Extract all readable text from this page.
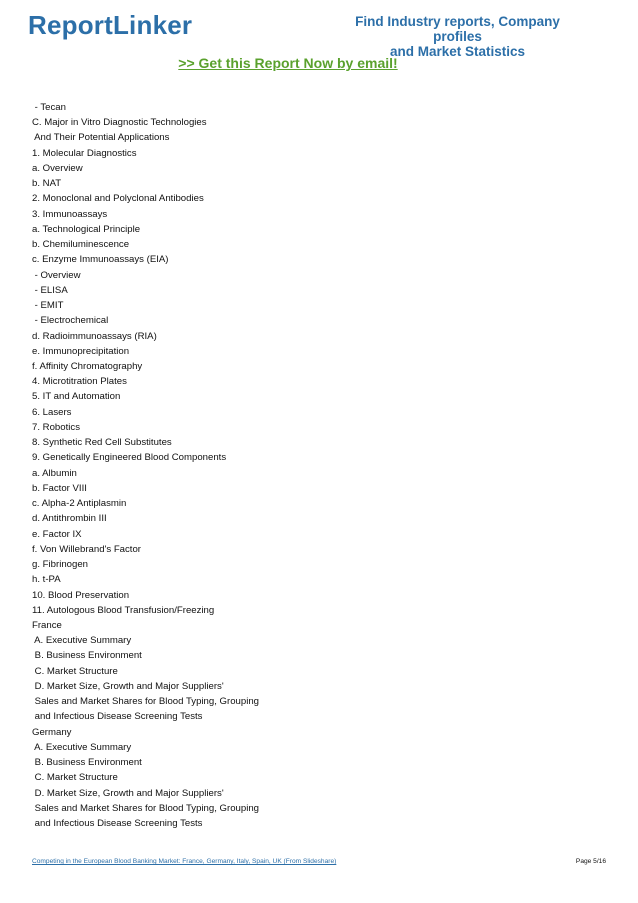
ReportLinker	Find Industry reports, Company profiles
and Market Statistics
>> Get this Report Now by email!
- Tecan
C. Major in Vitro Diagnostic Technologies
And Their Potential Applications
1. Molecular Diagnostics
a. Overview
b. NAT
2. Monoclonal and Polyclonal Antibodies
3. Immunoassays
a. Technological Principle
b. Chemiluminescence
c. Enzyme Immunoassays (EIA)
- Overview
- ELISA
- EMIT
- Electrochemical
d. Radioimmunoassays (RIA)
e. Immunoprecipitation
f. Affinity Chromatography
4. Microtitration Plates
5. IT and Automation
6. Lasers
7. Robotics
8. Synthetic Red Cell Substitutes
9. Genetically Engineered Blood Components
a. Albumin
b. Factor VIII
c. Alpha-2 Antiplasmin
d. Antithrombin III
e. Factor IX
f. Von Willebrand's Factor
g. Fibrinogen
h. t-PA
10. Blood Preservation
11. Autologous Blood Transfusion/Freezing
France
A. Executive Summary
B. Business Environment
C. Market Structure
D. Market Size, Growth and Major Suppliers'
Sales and Market Shares for Blood Typing, Grouping
and Infectious Disease Screening Tests
Germany
A. Executive Summary
B. Business Environment
C. Market Structure
D. Market Size, Growth and Major Suppliers'
Sales and Market Shares for Blood Typing, Grouping
and Infectious Disease Screening Tests
Competing in the European Blood Banking Market: France, Germany, Italy, Spain, UK (From Slideshare)	Page 5/16
